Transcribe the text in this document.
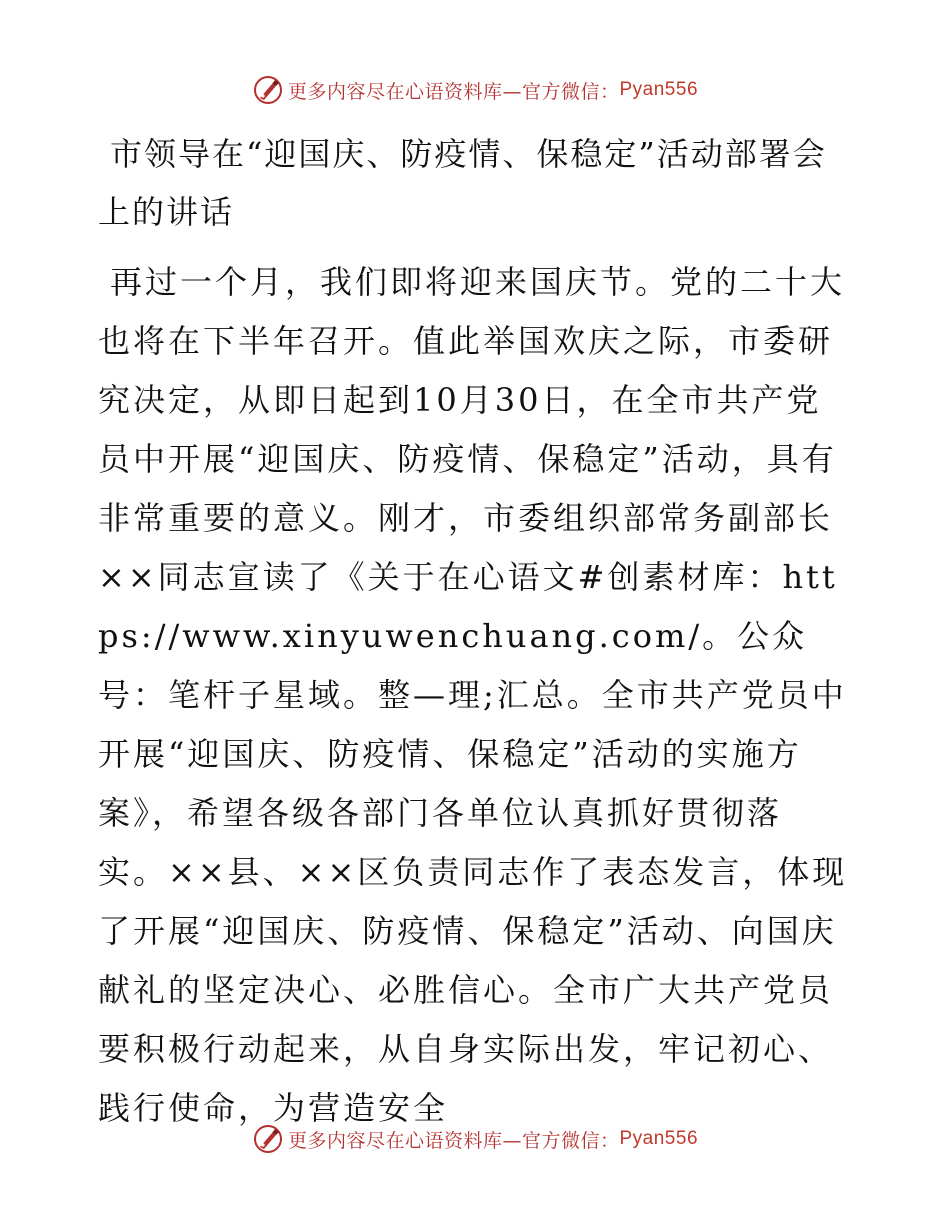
更多内容尽在心语资料库—官方微信： Pyan556
市领导在“迎国庆、防疫情、保稳定”活动部署会上的讲话

再过一个月，我们即将迎来国庆节。党的二十大也将在下半年召开。值此举国欢庆之际，市委研究决定，从即日起到10月30日，在全市共产党员中开展“迎国庆、防疫情、保稳定”活动，具有非常重要的意义。刚才，市委组织部常务副部长××同志宣读了《关于在心语文#创素材库：https://www.xinyuwenchuang.com/。公众号：笔杆子星域。整—理;汇总。全市共产党员中开展“迎国庆、防疫情、保稳定”活动的实施方案》，希望各级各部门各单位认真抓好贯彻落实。××县、××区负责同志作了表态发言，体现了开展“迎国庆、防疫情、保稳定”活动、向国庆献礼的坚定决心、必胜信心。全市广大共产党员要积极行动起来，从自身实际出发，牢记初心、践行使命，为营造安全

更多内容尽在心语资料库—官方微信： Pyan556
